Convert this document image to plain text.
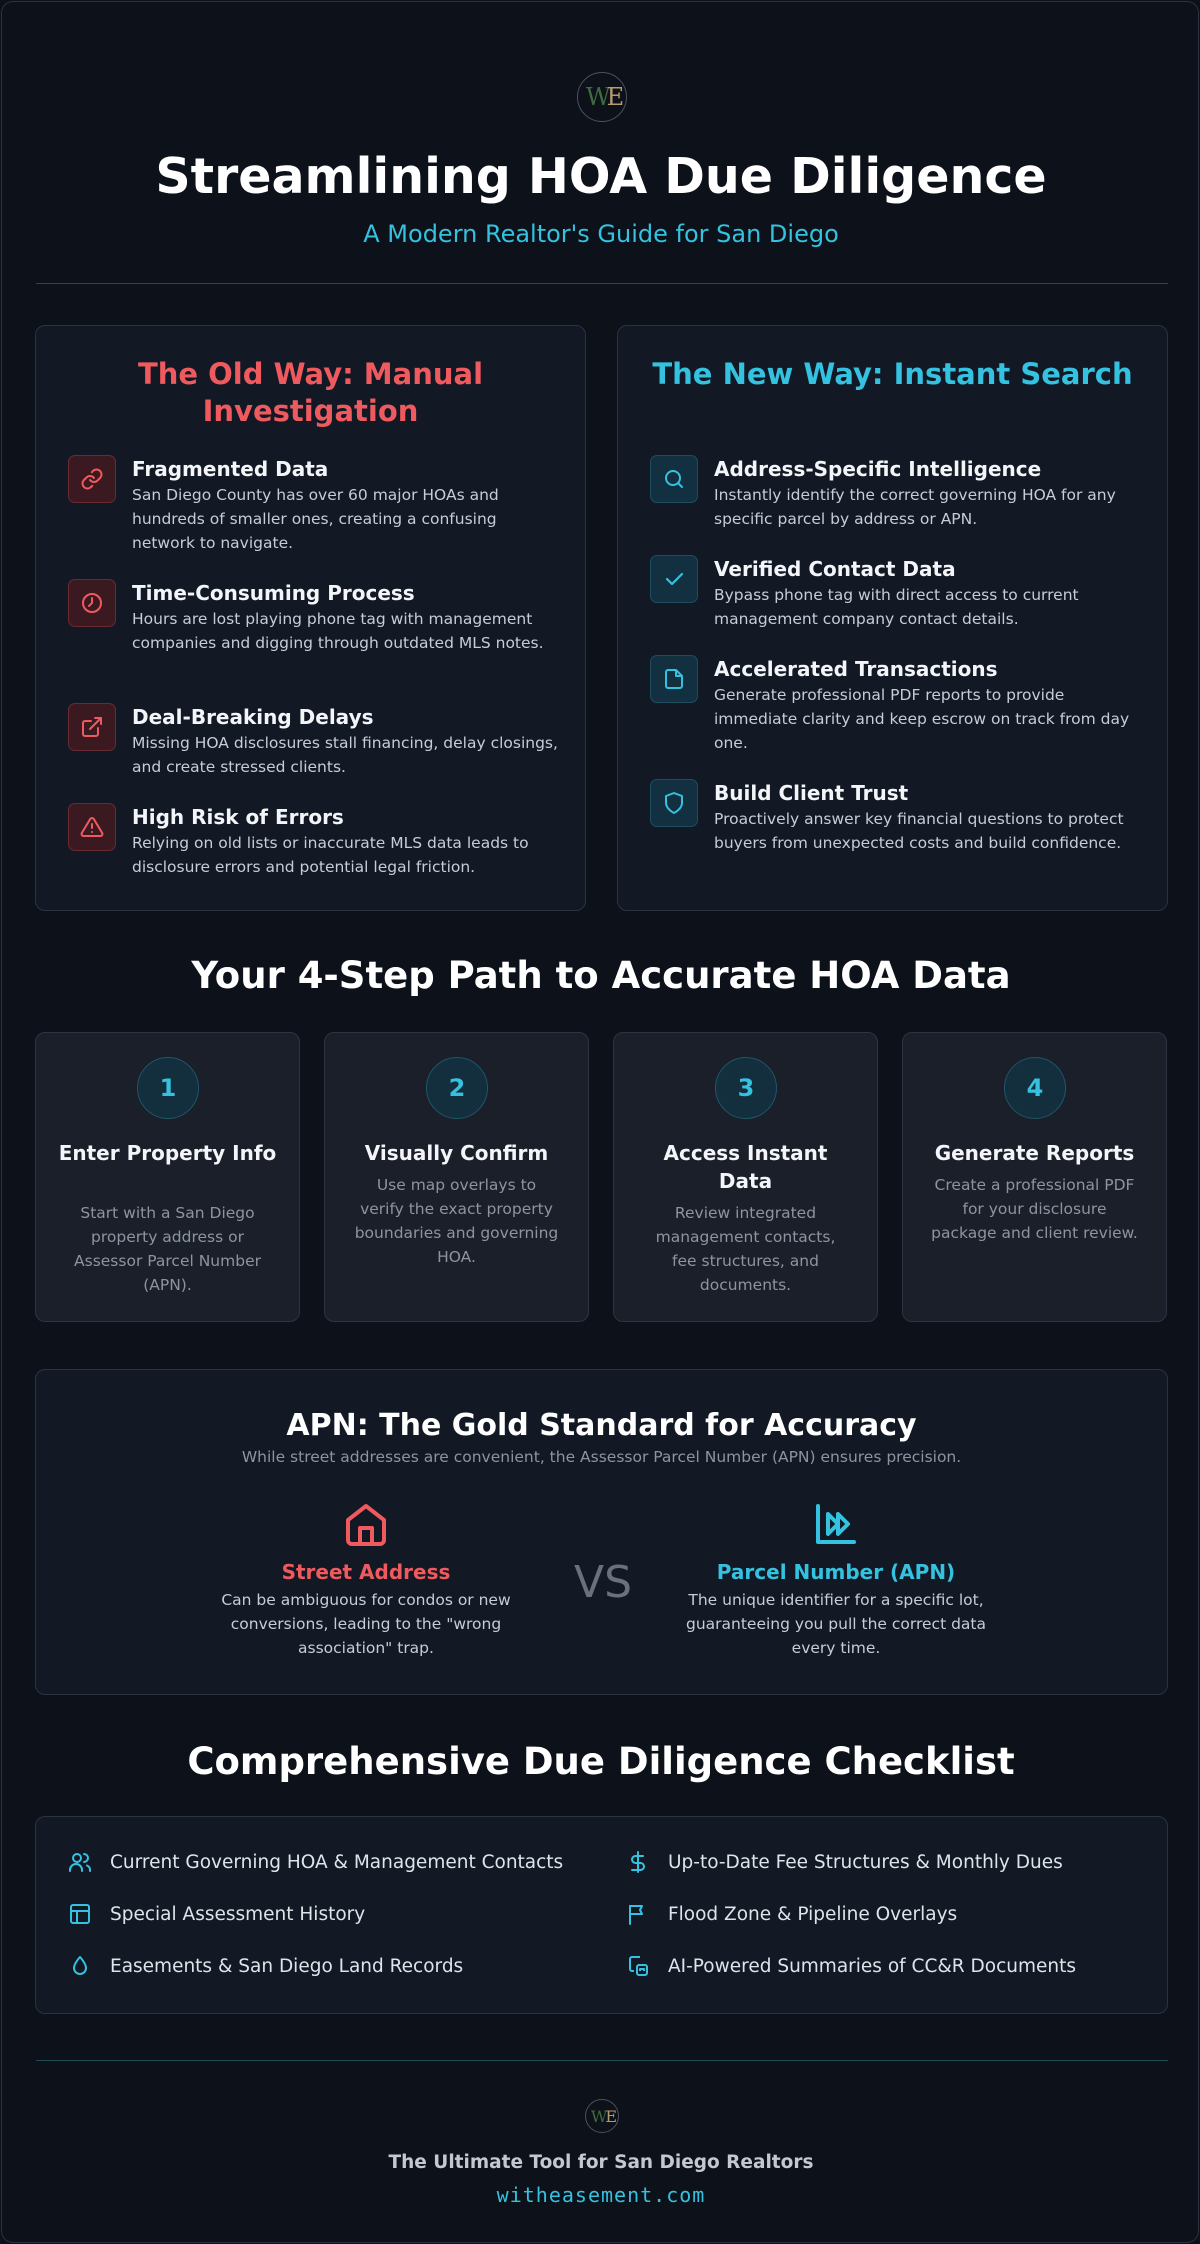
W E
Streamlining HOA Due Diligence
A Modern Realtor's Guide for San Diego
The Old Way: Manual Investigation
Fragmented Data
San Diego County has over 60 major HOAs and hundreds of smaller ones, creating a confusing network to navigate.
Time-Consuming Process
Hours are lost playing phone tag with management companies and digging through outdated MLS notes.
Deal-Breaking Delays
Missing HOA disclosures stall financing, delay closings, and create stressed clients.
High Risk of Errors
Relying on old lists or inaccurate MLS data leads to disclosure errors and potential legal friction.
The New Way: Instant Search
Address-Specific Intelligence
Instantly identify the correct governing HOA for any specific parcel by address or APN.
Verified Contact Data
Bypass phone tag with direct access to current management company contact details.
Accelerated Transactions
Generate professional PDF reports to provide immediate clarity and keep escrow on track from day one.
Build Client Trust
Proactively answer key financial questions to protect buyers from unexpected costs and build confidence.
Your 4-Step Path to Accurate HOA Data
1
Enter Property Info
Start with a San Diego property address or Assessor Parcel Number (APN).
2
Visually Confirm
Use map overlays to verify the exact property boundaries and governing HOA.
3
Access Instant Data
Review integrated management contacts, fee structures, and documents.
4
Generate Reports
Create a professional PDF for your disclosure package and client review.
APN: The Gold Standard for Accuracy
While street addresses are convenient, the Assessor Parcel Number (APN) ensures precision.
Street Address
Can be ambiguous for condos or new conversions, leading to the "wrong association" trap.
Parcel Number (APN)
The unique identifier for a specific lot, guaranteeing you pull the correct data every time.
VS
Comprehensive Due Diligence Checklist
Current Governing HOA & Management Contacts	Up-to-Date Fee Structures & Monthly Dues
Special Assessment History	Flood Zone & Pipeline Overlays
Easements & San Diego Land Records	AI-Powered Summaries of CC&R Documents
W E
The Ultimate Tool for San Diego Realtors
witheasement.com
